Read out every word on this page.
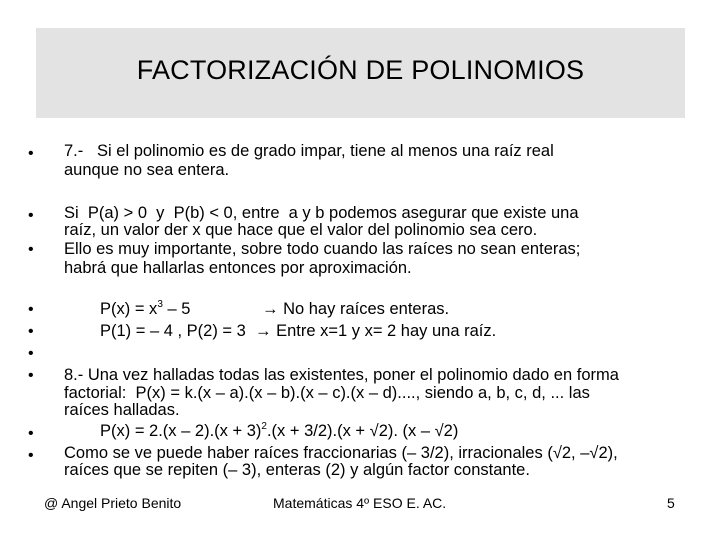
FACTORIZACIÓN DE POLINOMIOS
•
•
•
•
•
•
•
•
•
7.-   Si el polinomio es de grado impar, tiene al menos una raíz real
aunque no sea entera.
Si  P(a) > 0  y  P(b) < 0, entre  a y b podemos asegurar que existe una
raíz, un valor der x que hace que el valor del polinomio sea cero.
Ello es muy importante, sobre todo cuando las raíces no sean enteras;
habrá que hallarlas entonces por aproximación.
$P(x) = x^3 - 5$	→ No hay raíces enteras.
P(1) = – 4 , P(2) = 3  → Entre x=1 y x= 2 hay una raíz.
8.- Una vez halladas todas las existentes, poner el polinomio dado en forma
factorial:  P(x) = k.(x – a).(x – b).(x – c).(x – d)...., siendo a, b, c, d, ... las
raíces halladas.
$P(x) = 2.(x - 2).(x + 3)^2.(x + 3/2).(x + √2)$. (x – √2)
Como se ve puede haber raíces fraccionarias (– 3/2), irracionales (√2, –√2),
raíces que se repiten (– 3), enteras (2) y algún factor constante.
@ Angel Prieto Benito	Matemáticas 4º ESO E. AC.	5
